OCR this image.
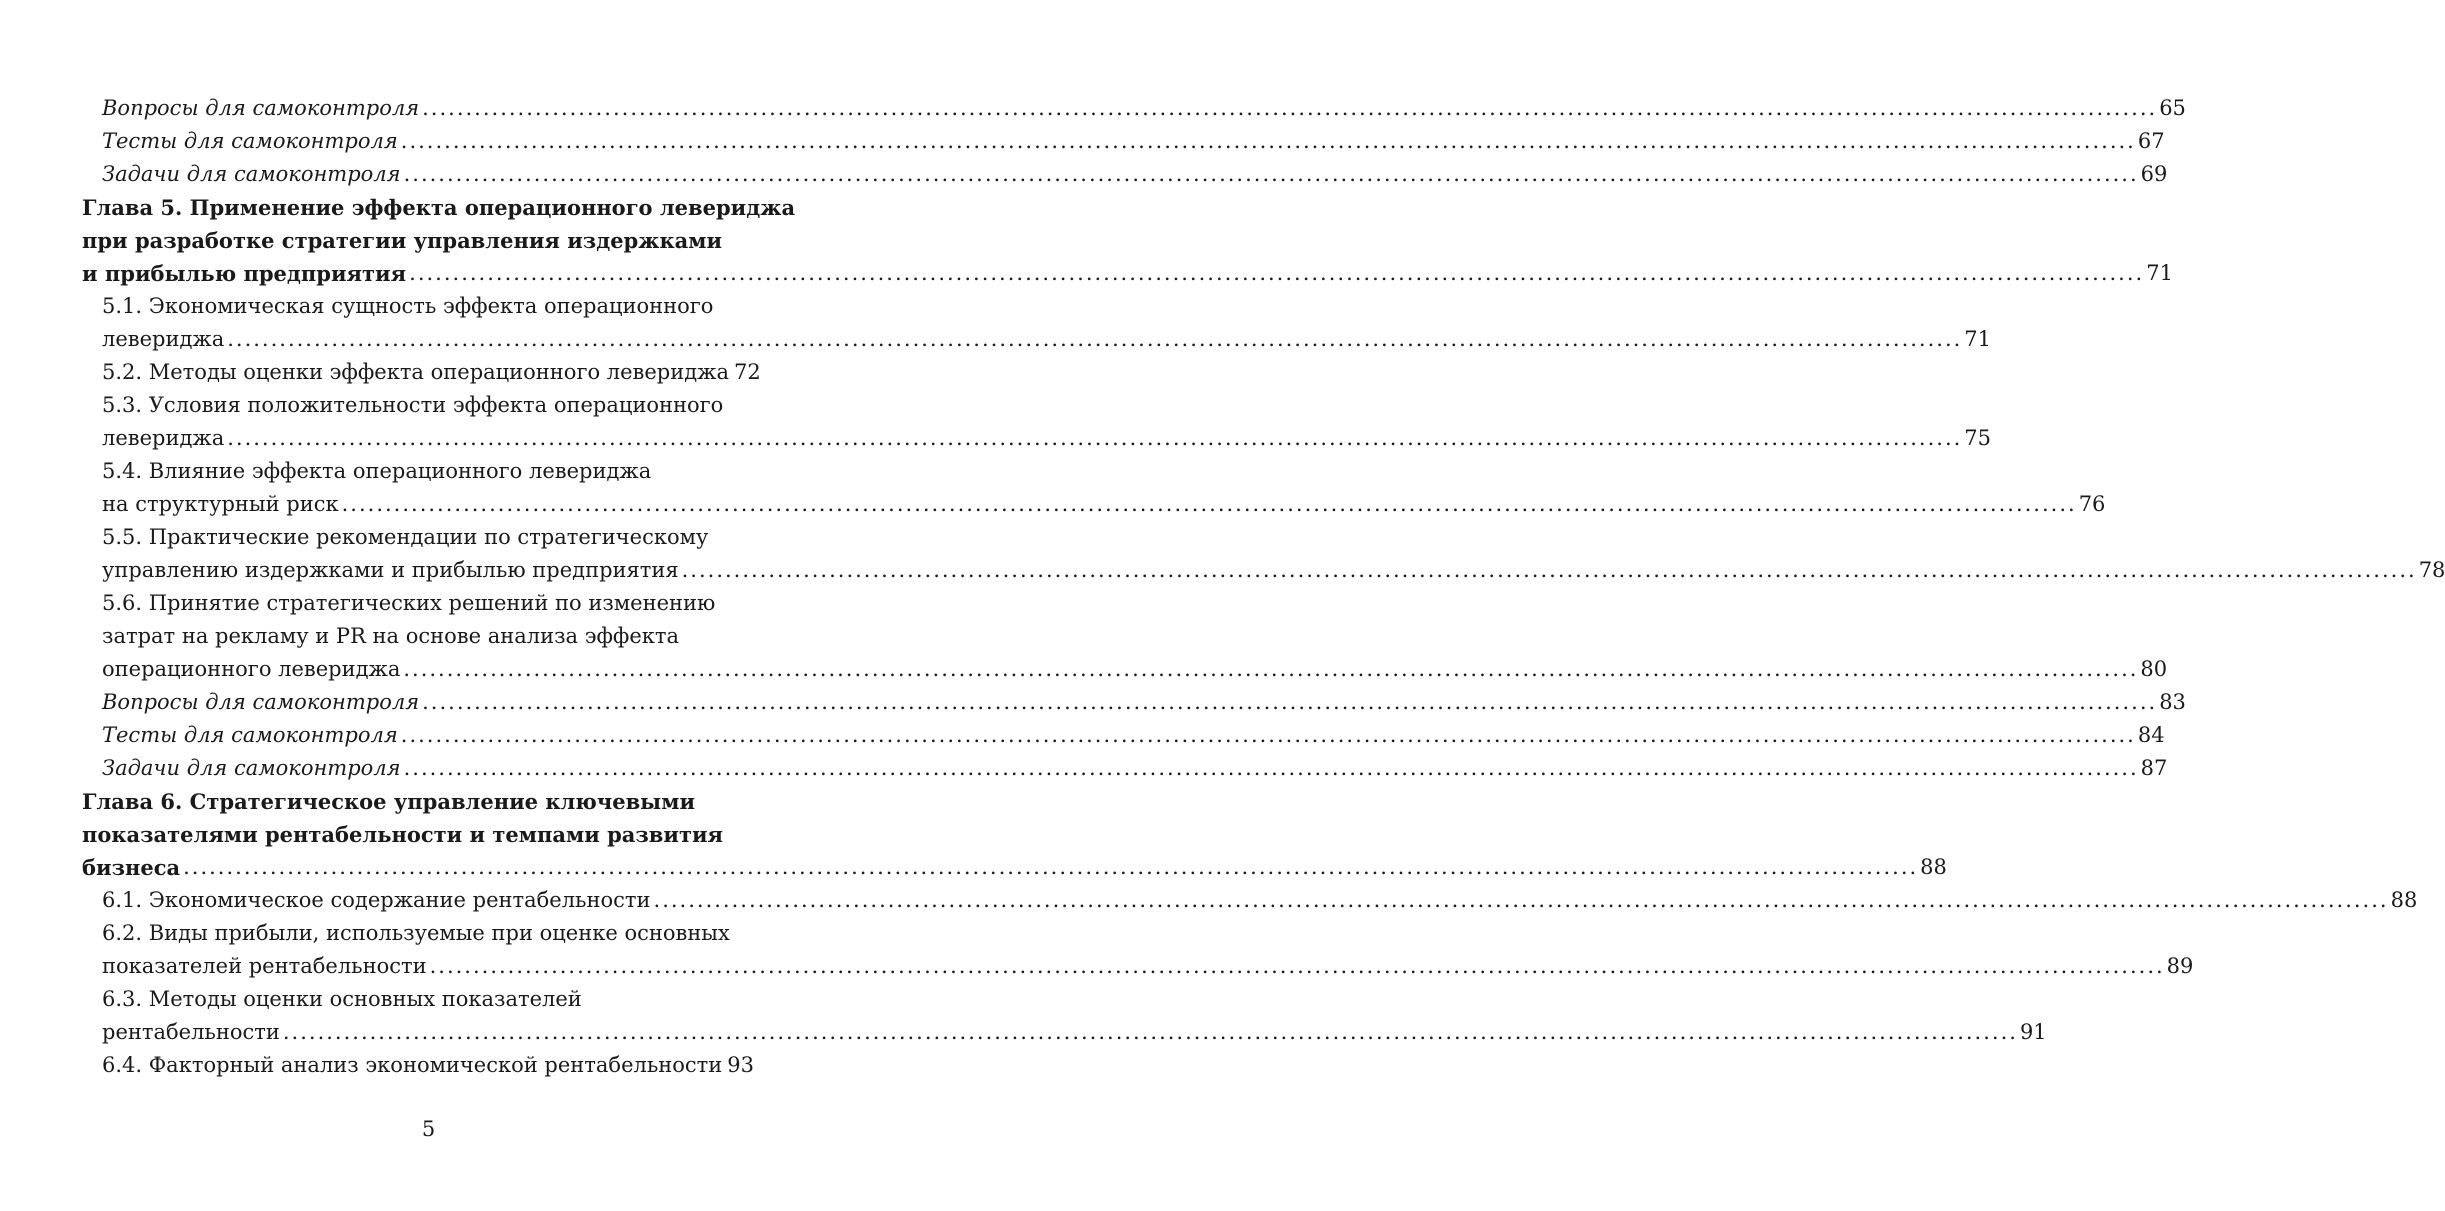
Вопросы для самоконтроля ........................................................................................................................................................................................................ 65
Тесты для самоконтроля ........................................................................................................................................................................................................ 67
Задачи для самоконтроля ........................................................................................................................................................................................................ 69
Глава 5. Применение эффекта операционного левериджа
при разработке стратегии управления издержками
и прибылью предприятия ........................................................................................................................................................................................................ 71
5.1. Экономическая сущность эффекта операционного
левериджа ........................................................................................................................................................................................................ 71
5.2. Методы оценки эффекта операционного левериджа 72
5.3. Условия положительности эффекта операционного
левериджа ........................................................................................................................................................................................................ 75
5.4. Влияние эффекта операционного левериджа
на структурный риск ........................................................................................................................................................................................................ 76
5.5. Практические рекомендации по стратегическому
управлению издержками и прибылью предприятия ........................................................................................................................................................................................................ 78
5.6. Принятие стратегических решений по изменению
затрат на рекламу и PR на основе анализа эффекта
операционного левериджа ........................................................................................................................................................................................................ 80
Вопросы для самоконтроля ........................................................................................................................................................................................................ 83
Тесты для самоконтроля ........................................................................................................................................................................................................ 84
Задачи для самоконтроля ........................................................................................................................................................................................................ 87
Глава 6. Стратегическое управление ключевыми
показателями рентабельности и темпами развития
бизнеса ........................................................................................................................................................................................................ 88
6.1. Экономическое содержание рентабельности ........................................................................................................................................................................................................ 88
6.2. Виды прибыли, используемые при оценке основных
показателей рентабельности ........................................................................................................................................................................................................ 89
6.3. Методы оценки основных показателей
рентабельности ........................................................................................................................................................................................................ 91
6.4. Факторный анализ экономической рентабельности 93
5
